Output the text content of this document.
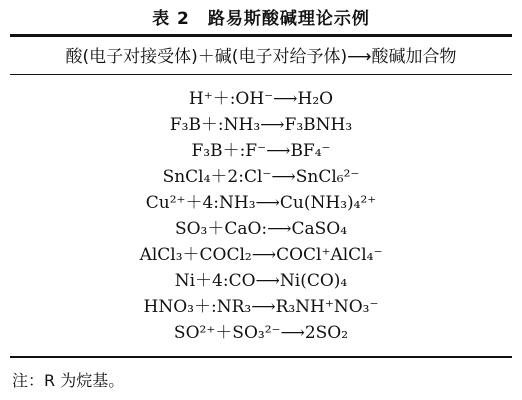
表 2 路易斯酸碱理论示例
酸(电子对接受体)＋碱(电子对给予体)⟶酸碱加合物
H⁺＋:OH⁻⟶H₂O
F₃B＋:NH₃⟶F₃BNH₃
F₃B＋:F⁻⟶BF₄⁻
SnCl₄＋2:Cl⁻⟶SnCl₆²⁻
Cu²⁺＋4:NH₃⟶Cu(NH₃)₄²⁺
SO₃＋CaO:⟶CaSO₄
AlCl₃＋COCl₂⟶COCl⁺AlCl₄⁻
Ni＋4:CO⟶Ni(CO)₄
HNO₃＋:NR₃⟶R₃NH⁺NO₃⁻
SO²⁺＋SO₃²⁻⟶2SO₂
注：R 为烷基。
